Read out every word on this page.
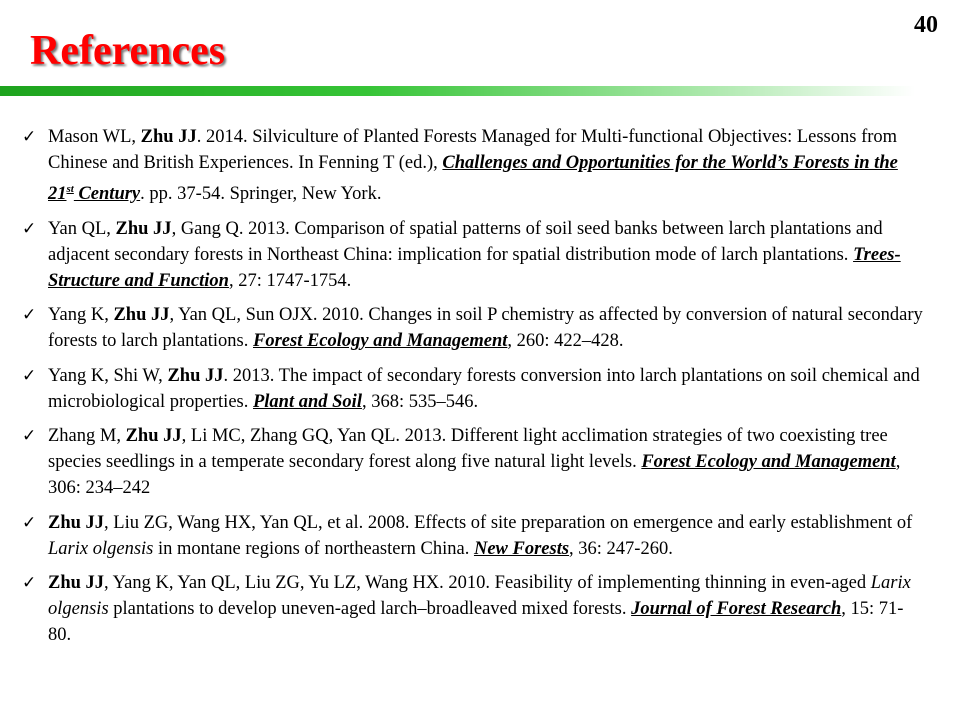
40
References
✓ Mason WL, Zhu JJ. 2014. Silviculture of Planted Forests Managed for Multi-functional Objectives: Lessons from Chinese and British Experiences. In Fenning T (ed.), Challenges and Opportunities for the World’s Forests in the 21st Century. pp. 37-54. Springer, New York.
✓ Yan QL, Zhu JJ, Gang Q. 2013. Comparison of spatial patterns of soil seed banks between larch plantations and adjacent secondary forests in Northeast China: implication for spatial distribution mode of larch plantations. Trees-Structure and Function, 27: 1747-1754.
✓ Yang K, Zhu JJ, Yan QL, Sun OJX. 2010. Changes in soil P chemistry as affected by conversion of natural secondary forests to larch plantations. Forest Ecology and Management, 260: 422–428.
✓ Yang K, Shi W, Zhu JJ. 2013. The impact of secondary forests conversion into larch plantations on soil chemical and microbiological properties. Plant and Soil, 368: 535–546.
✓ Zhang M, Zhu JJ, Li MC, Zhang GQ, Yan QL. 2013. Different light acclimation strategies of two coexisting tree species seedlings in a temperate secondary forest along five natural light levels. Forest Ecology and Management, 306: 234–242
✓ Zhu JJ, Liu ZG, Wang HX, Yan QL, et al. 2008. Effects of site preparation on emergence and early establishment of Larix olgensis in montane regions of northeastern China. New Forests, 36: 247-260.
✓ Zhu JJ, Yang K, Yan QL, Liu ZG, Yu LZ, Wang HX. 2010. Feasibility of implementing thinning in even-aged Larix olgensis plantations to develop uneven-aged larch–broadleaved mixed forests. Journal of Forest Research, 15: 71-80.
